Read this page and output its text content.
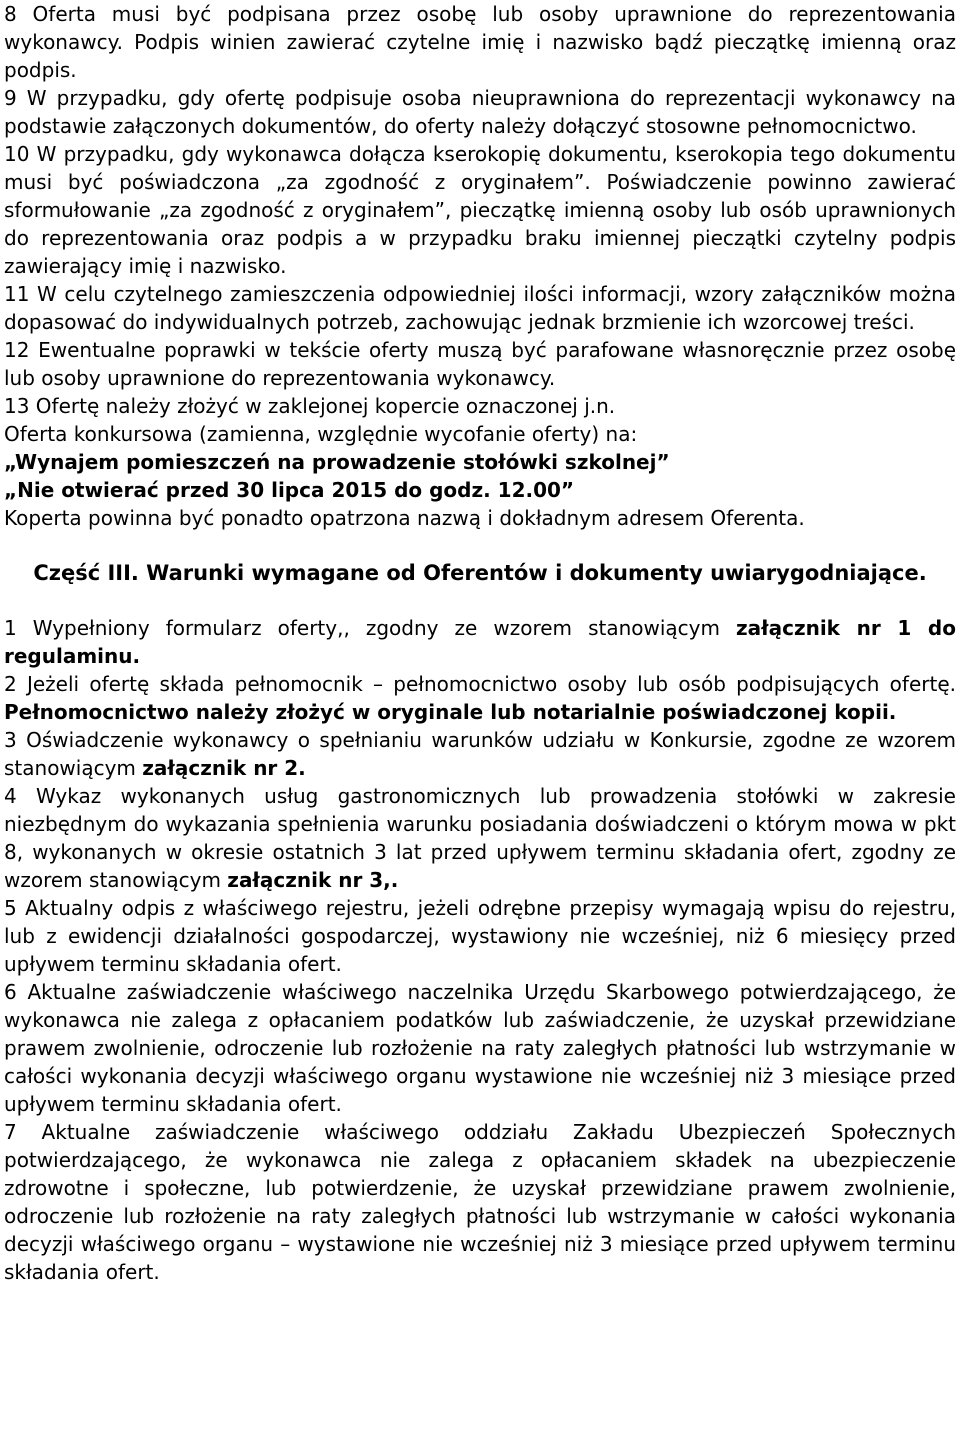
8 Oferta musi być podpisana przez osobę lub osoby uprawnione do reprezentowania wykonawcy. Podpis winien zawierać czytelne imię i nazwisko bądź pieczątkę imienną oraz podpis.

9 W przypadku, gdy ofertę podpisuje osoba nieuprawniona do reprezentacji wykonawcy na podstawie załączonych dokumentów, do oferty należy dołączyć stosowne pełnomocnictwo.

10 W przypadku, gdy wykonawca dołącza kserokopię dokumentu, kserokopia tego dokumentu musi być poświadczona „za zgodność z oryginałem”. Poświadczenie powinno zawierać sformułowanie „za zgodność z oryginałem”, pieczątkę imienną osoby lub osób uprawnionych do reprezentowania oraz podpis a w przypadku braku imiennej pieczątki czytelny podpis zawierający imię i nazwisko.

11 W celu czytelnego zamieszczenia odpowiedniej ilości informacji, wzory załączników można dopasować do indywidualnych potrzeb, zachowując jednak brzmienie ich wzorcowej treści.

12 Ewentualne poprawki w tekście oferty muszą być parafowane własnoręcznie przez osobę lub osoby uprawnione do reprezentowania wykonawcy.

13 Ofertę należy złożyć w zaklejonej kopercie oznaczonej j.n.

Oferta konkursowa (zamienna, względnie wycofanie oferty) na:

„Wynajem pomieszczeń na prowadzenie stołówki szkolnej”

„Nie otwierać przed 30 lipca 2015 do godz. 12.00”

Koperta powinna być ponadto opatrzona nazwą i dokładnym adresem Oferenta.

Część III. Warunki wymagane od Oferentów i dokumenty uwiarygodniające.

1 Wypełniony formularz oferty,, zgodny ze wzorem stanowiącym załącznik nr 1 do regulaminu.

2 Jeżeli ofertę składa pełnomocnik – pełnomocnictwo osoby lub osób podpisujących ofertę. Pełnomocnictwo należy złożyć w oryginale lub notarialnie poświadczonej kopii.

3 Oświadczenie wykonawcy o spełnianiu warunków udziału w Konkursie, zgodne ze wzorem stanowiącym załącznik nr 2.

4 Wykaz wykonanych usług gastronomicznych lub prowadzenia stołówki w zakresie niezbędnym do wykazania spełnienia warunku posiadania doświadczeni o którym mowa w pkt 8, wykonanych w okresie ostatnich 3 lat przed upływem terminu składania ofert, zgodny ze wzorem stanowiącym załącznik nr 3,.

5 Aktualny odpis z właściwego rejestru, jeżeli odrębne przepisy wymagają wpisu do rejestru, lub z ewidencji działalności gospodarczej, wystawiony nie wcześniej, niż 6 miesięcy przed upływem terminu składania ofert.

6 Aktualne zaświadczenie właściwego naczelnika Urzędu Skarbowego potwierdzającego, że wykonawca nie zalega z opłacaniem podatków lub zaświadczenie, że uzyskał przewidziane prawem zwolnienie, odroczenie lub rozłożenie na raty zaległych płatności lub wstrzymanie w całości wykonania decyzji właściwego organu wystawione nie wcześniej niż 3 miesiące przed upływem terminu składania ofert.

7 Aktualne zaświadczenie właściwego oddziału Zakładu Ubezpieczeń Społecznych potwierdzającego, że wykonawca nie zalega z opłacaniem składek na ubezpieczenie zdrowotne i społeczne, lub potwierdzenie, że uzyskał przewidziane prawem zwolnienie, odroczenie lub rozłożenie na raty zaległych płatności lub wstrzymanie w całości wykonania decyzji właściwego organu – wystawione nie wcześniej niż 3 miesiące przed upływem terminu składania ofert.
